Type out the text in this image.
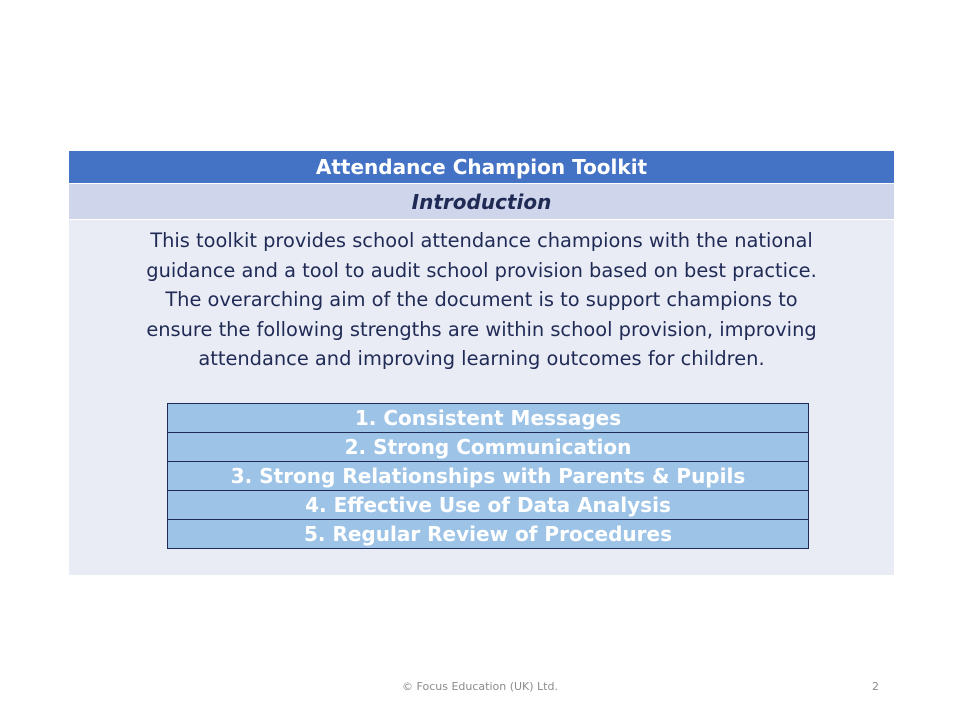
Attendance Champion Toolkit
Introduction
This toolkit provides school attendance champions with the national
guidance and a tool to audit school provision based on best practice.
The overarching aim of the document is to support champions to
ensure the following strengths are within school provision, improving
attendance and improving learning outcomes for children.
1. Consistent Messages
2. Strong Communication
3. Strong Relationships with Parents & Pupils
4. Effective Use of Data Analysis
5. Regular Review of Procedures
© Focus Education (UK) Ltd.	2
